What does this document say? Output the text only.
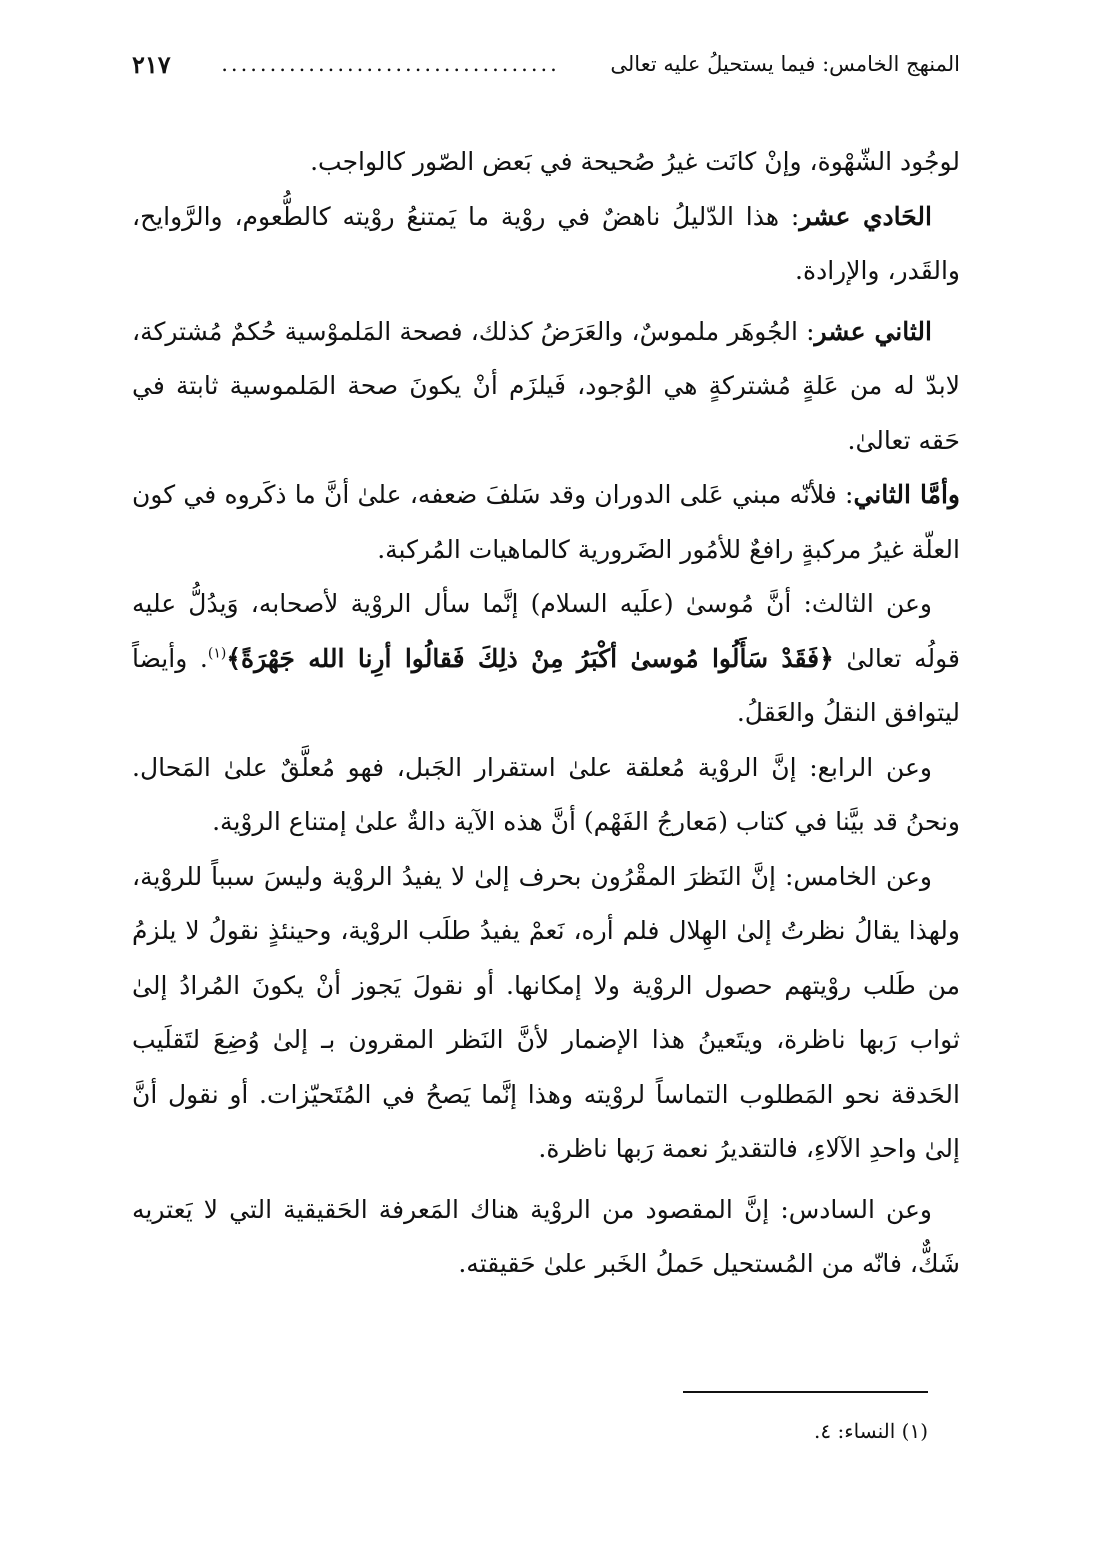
المنهج الخامس: فيما يستحيلُ عليه تعالى
...................................
٢١٧

لوجُود الشّهْوة، وإنْ كانَت غيرُ صُحيحة في بَعض الصّور كالواجب.

الحَادي عشر: هذا الدّليلُ ناهضٌ في روْية ما يَمتنعُ روْيته كالطُّعوم، والرَّوايح، والقَدر، والإرادة.

الثاني عشر: الجُوهَر ملموسٌ، والعَرَضُ كذلك، فصحة المَلموْسية حُكمٌ مُشتركة، لابدّ له من عَلةٍ مُشتركةٍ هي الوُجود، فَيلزَم أنْ يكونَ صحة المَلموسية ثابتة في حَقه تعالىٰ.

وأمَّا الثاني: فلأنّه مبني عَلى الدوران وقد سَلفَ ضعفه، علىٰ أنَّ ما ذكَروه في كون العلّة غيرُ مركبةٍ رافعٌ للأمُور الضَرورية كالماهيات المُركبة.

وعن الثالث: أنَّ مُوسىٰ (علَيه السلام) إنَّما سأل الروْية لأصحابه، وَيدُلُّ عليه قولُه تعالىٰ ﴿فَقَدْ سَأَلُوا مُوسىٰ أكْبَرُ مِنْ ذلِكَ فَقالُوا أرِنا الله جَهْرَةً﴾$^{(١)}$. وأيضاً ليتوافق النقلُ والعَقلُ.

وعن الرابع: إنَّ الروْية مُعلقة علىٰ استقرار الجَبل، فهو مُعلَّقٌ علىٰ المَحال. ونحنُ قد بيَّنا في كتاب (مَعارجُ الفَهْم) أنَّ هذه الآية دالةٌ علىٰ إمتناع الروْية.

وعن الخامس: إنَّ النَظرَ المقْرُون بحرف إلىٰ لا يفيدُ الروْية وليسَ سبباً للروْية، ولهذا يقالُ نظرتُ إلىٰ الهِلال فلم أره، نَعمْ يفيدُ طلَب الروْية، وحينئذٍ نقولُ لا يلزمُ من طَلب روْيتهم حصول الروْية ولا إمكانها. أو نقولَ يَجوز أنْ يكونَ المُرادُ إلىٰ ثواب رَبها ناظرة، ويتَعينُ هذا الإضمار لأنَّ النَظر المقرون بـ إلىٰ وُضِعَ لتَقلَيب الحَدقة نحو المَطلوب التماساً لروْيته وهذا إنَّما يَصحُ في المُتَحيّزات. أو نقول أنَّ إلىٰ واحدِ الآلاءِ، فالتقديرُ نعمة رَبها ناظرة.

وعن السادس: إنَّ المقصود من الروْية هناك المَعرفة الحَقيقية التي لا يَعتريه شَكٌّ، فانّه من المُستحيل حَملُ الخَبر علىٰ حَقيقته.

(١) النساء: ٤.
